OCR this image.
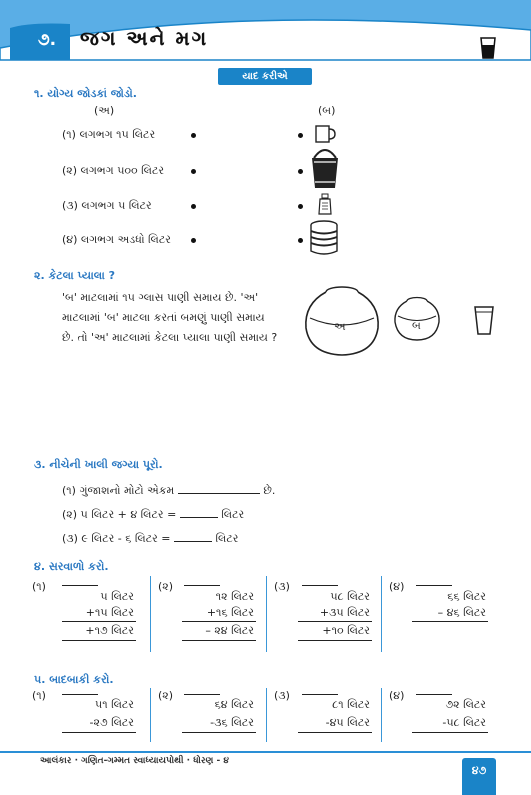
૭.	જગ અને મગ
યાદ કરીએ
૧. યોગ્ય જોડકાં જોડો.
(અ)	(બ)
(૧) લગભગ ૧૫ લિટર
(૨) લગભગ ૫૦૦ લિટર
(૩) લગભગ ૫ લિટર
(૪) લગભગ અડધો લિટર
૨. કેટલા પ્યાલા ?
'બ' માટલામાં ૧૫ ગ્લાસ પાણી સમાય છે. 'અ'
માટલામાં 'બ' માટલા કરતાં બમણું પાણી સમાય
છે. તો 'અ' માટલામાં કેટલા પ્યાલા પાણી સમાય ?
અ	બ
૩. નીચેની ખાલી જગ્યા પૂરો.
(૧) ગુંજાશનો મોટો એકમ	છે.
(૨) ૫ લિટર + ૪ લિટર =	લિટર
(૩) ૯ લિટર - ૬ લિટર =	લિટર
૪. સરવાળો કરો.
(૧)
૫ લિટર
+૧૫ લિટર
+૧૭ લિટર
(૨)
૧૨ લિટર
+૧૬ લિટર
– ૨૪ લિટર
(૩)
૫૮ લિટર
+૩૫ લિટર
+૧૦ લિટર
(૪)
૬૬ લિટર
– ૪૬ લિટર
૫. બાદબાકી કરો.
(૧)
૫૧ લિટર
-૨૭ લિટર
(૨)
૬૪ લિટર
-૩૬ લિટર
(૩)
૮૧ લિટર
-૪૫ લિટર
(૪)
૭૨ લિટર
-૫૮ લિટર
આલંકાર · ગણિત-ગમ્મત સ્વાધ્યાયપોથી · ધોરણ - ૪
૪૭
